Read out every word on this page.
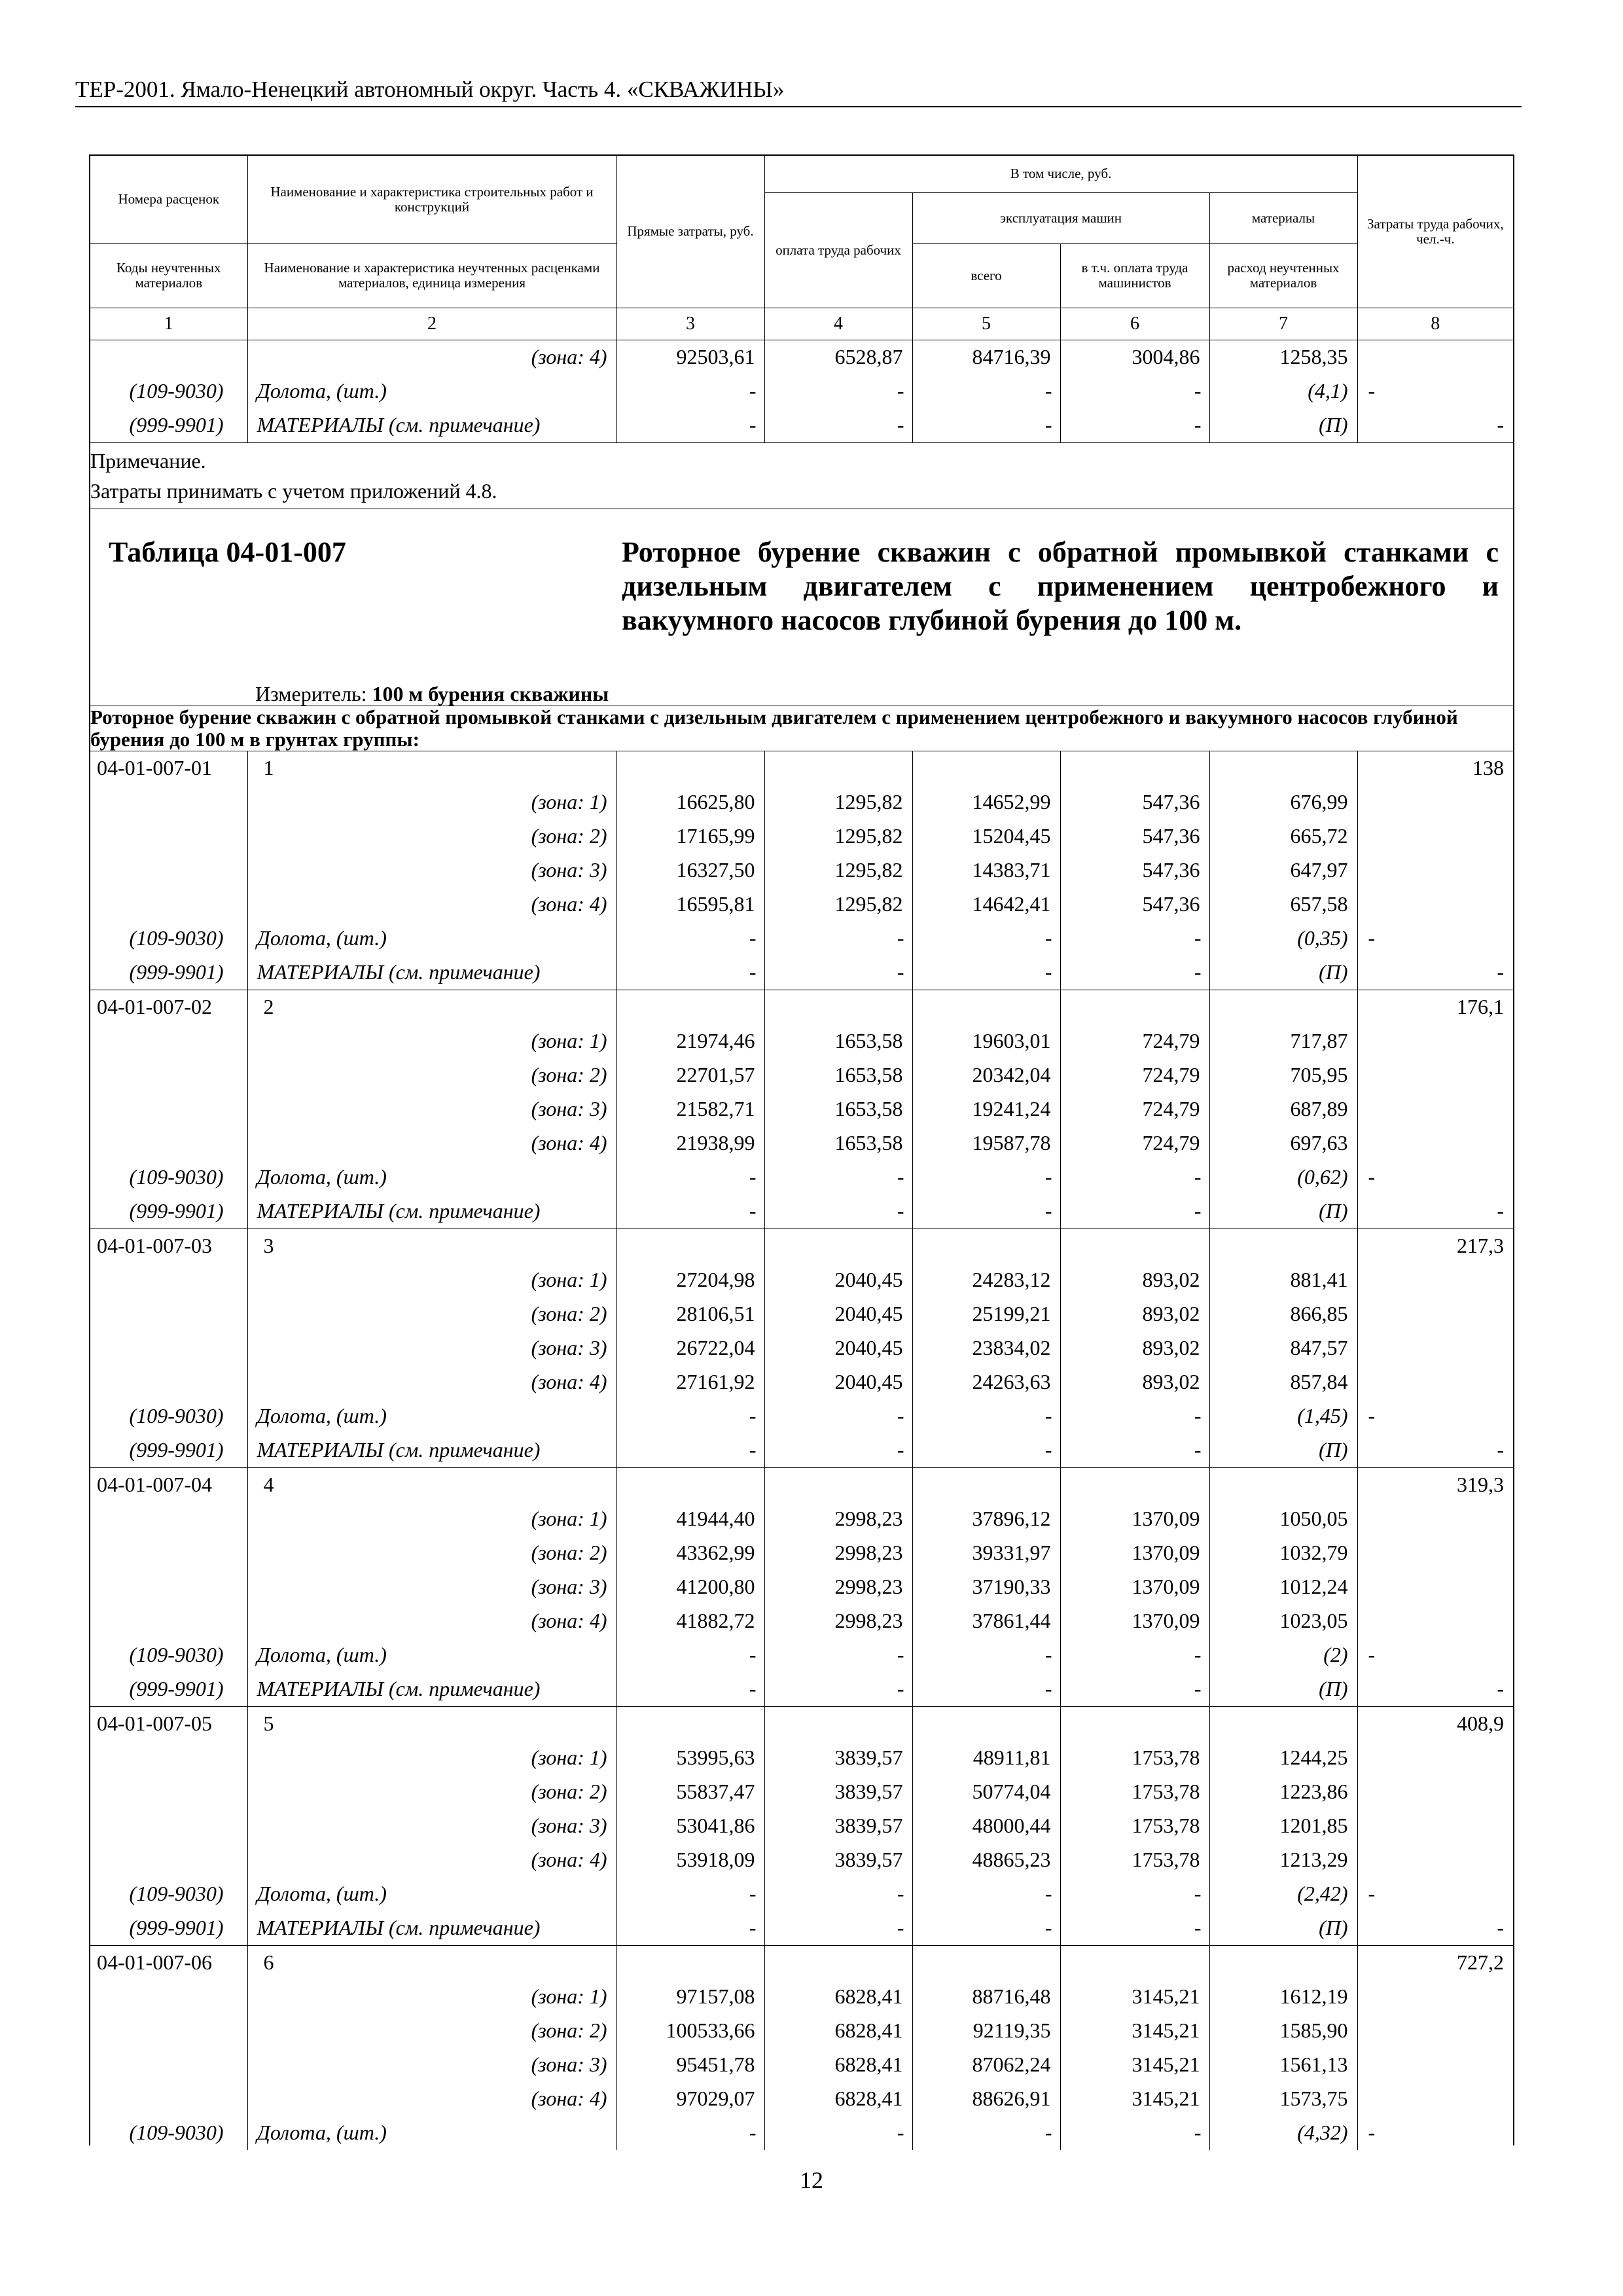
ТЕР-2001. Ямало-Ненецкий автономный округ. Часть 4. «СКВАЖИНЫ»
Номера расценок	Наименование и характеристика строительных работ и конструкций	Прямые затраты, руб.	В том числе, руб.				Затраты труда рабочих, чел.-ч.
			оплата труда рабочих	эксплуатация машин		материалы	
Коды неучтенных материалов	Наименование и характеристика неучтенных расценками материалов, единица измерения			всего	в т.ч. оплата труда машинистов	расход неучтенных материалов	
1	2	3	4	5	6	7	8
	(зона: 4)	92503,61	6528,87	84716,39	3004,86	1258,35	
(109-9030)	Долота, (шт.)	-	-	-	-	(4,1)	-
(999-9901)	МАТЕРИАЛЫ (см. примечание)	-	-	-	-	(П)	-

Примечание.
Затраты принимать с учетом приложений 4.8.							

Таблица 04-01-007 Роторное бурение скважин с обратной промывкой станками с дизельным двигателем с применением центробежного и вакуумного насосов глубиной бурения до 100 м.
Измеритель: 100 м бурения скважины							

Роторное бурение скважин с обратной промывкой станками с дизельным двигателем с применением центробежного и вакуумного насосов глубиной бурения до 100 м в грунтах группы:							
04-01-007-01	1						138
	(зона: 1)	16625,80	1295,82	14652,99	547,36	676,99	
	(зона: 2)	17165,99	1295,82	15204,45	547,36	665,72	
	(зона: 3)	16327,50	1295,82	14383,71	547,36	647,97	
	(зона: 4)	16595,81	1295,82	14642,41	547,36	657,58	
(109-9030)	Долота, (шт.)	-	-	-	-	(0,35)	-
(999-9901)	МАТЕРИАЛЫ (см. примечание)	-	-	-	-	(П)	-
04-01-007-02	2						176,1
	(зона: 1)	21974,46	1653,58	19603,01	724,79	717,87	
	(зона: 2)	22701,57	1653,58	20342,04	724,79	705,95	
	(зона: 3)	21582,71	1653,58	19241,24	724,79	687,89	
	(зона: 4)	21938,99	1653,58	19587,78	724,79	697,63	
(109-9030)	Долота, (шт.)	-	-	-	-	(0,62)	-
(999-9901)	МАТЕРИАЛЫ (см. примечание)	-	-	-	-	(П)	-
04-01-007-03	3						217,3
	(зона: 1)	27204,98	2040,45	24283,12	893,02	881,41	
	(зона: 2)	28106,51	2040,45	25199,21	893,02	866,85	
	(зона: 3)	26722,04	2040,45	23834,02	893,02	847,57	
	(зона: 4)	27161,92	2040,45	24263,63	893,02	857,84	
(109-9030)	Долота, (шт.)	-	-	-	-	(1,45)	-
(999-9901)	МАТЕРИАЛЫ (см. примечание)	-	-	-	-	(П)	-
04-01-007-04	4						319,3
	(зона: 1)	41944,40	2998,23	37896,12	1370,09	1050,05	
	(зона: 2)	43362,99	2998,23	39331,97	1370,09	1032,79	
	(зона: 3)	41200,80	2998,23	37190,33	1370,09	1012,24	
	(зона: 4)	41882,72	2998,23	37861,44	1370,09	1023,05	
(109-9030)	Долота, (шт.)	-	-	-	-	(2)	-
(999-9901)	МАТЕРИАЛЫ (см. примечание)	-	-	-	-	(П)	-
04-01-007-05	5						408,9
	(зона: 1)	53995,63	3839,57	48911,81	1753,78	1244,25	
	(зона: 2)	55837,47	3839,57	50774,04	1753,78	1223,86	
	(зона: 3)	53041,86	3839,57	48000,44	1753,78	1201,85	
	(зона: 4)	53918,09	3839,57	48865,23	1753,78	1213,29	
(109-9030)	Долота, (шт.)	-	-	-	-	(2,42)	-
(999-9901)	МАТЕРИАЛЫ (см. примечание)	-	-	-	-	(П)	-
04-01-007-06	6						727,2
	(зона: 1)	97157,08	6828,41	88716,48	3145,21	1612,19	
	(зона: 2)	100533,66	6828,41	92119,35	3145,21	1585,90	
	(зона: 3)	95451,78	6828,41	87062,24	3145,21	1561,13	
	(зона: 4)	97029,07	6828,41	88626,91	3145,21	1573,75	
(109-9030)	Долота, (шт.)	-	-	-	-	(4,32)	-
12
